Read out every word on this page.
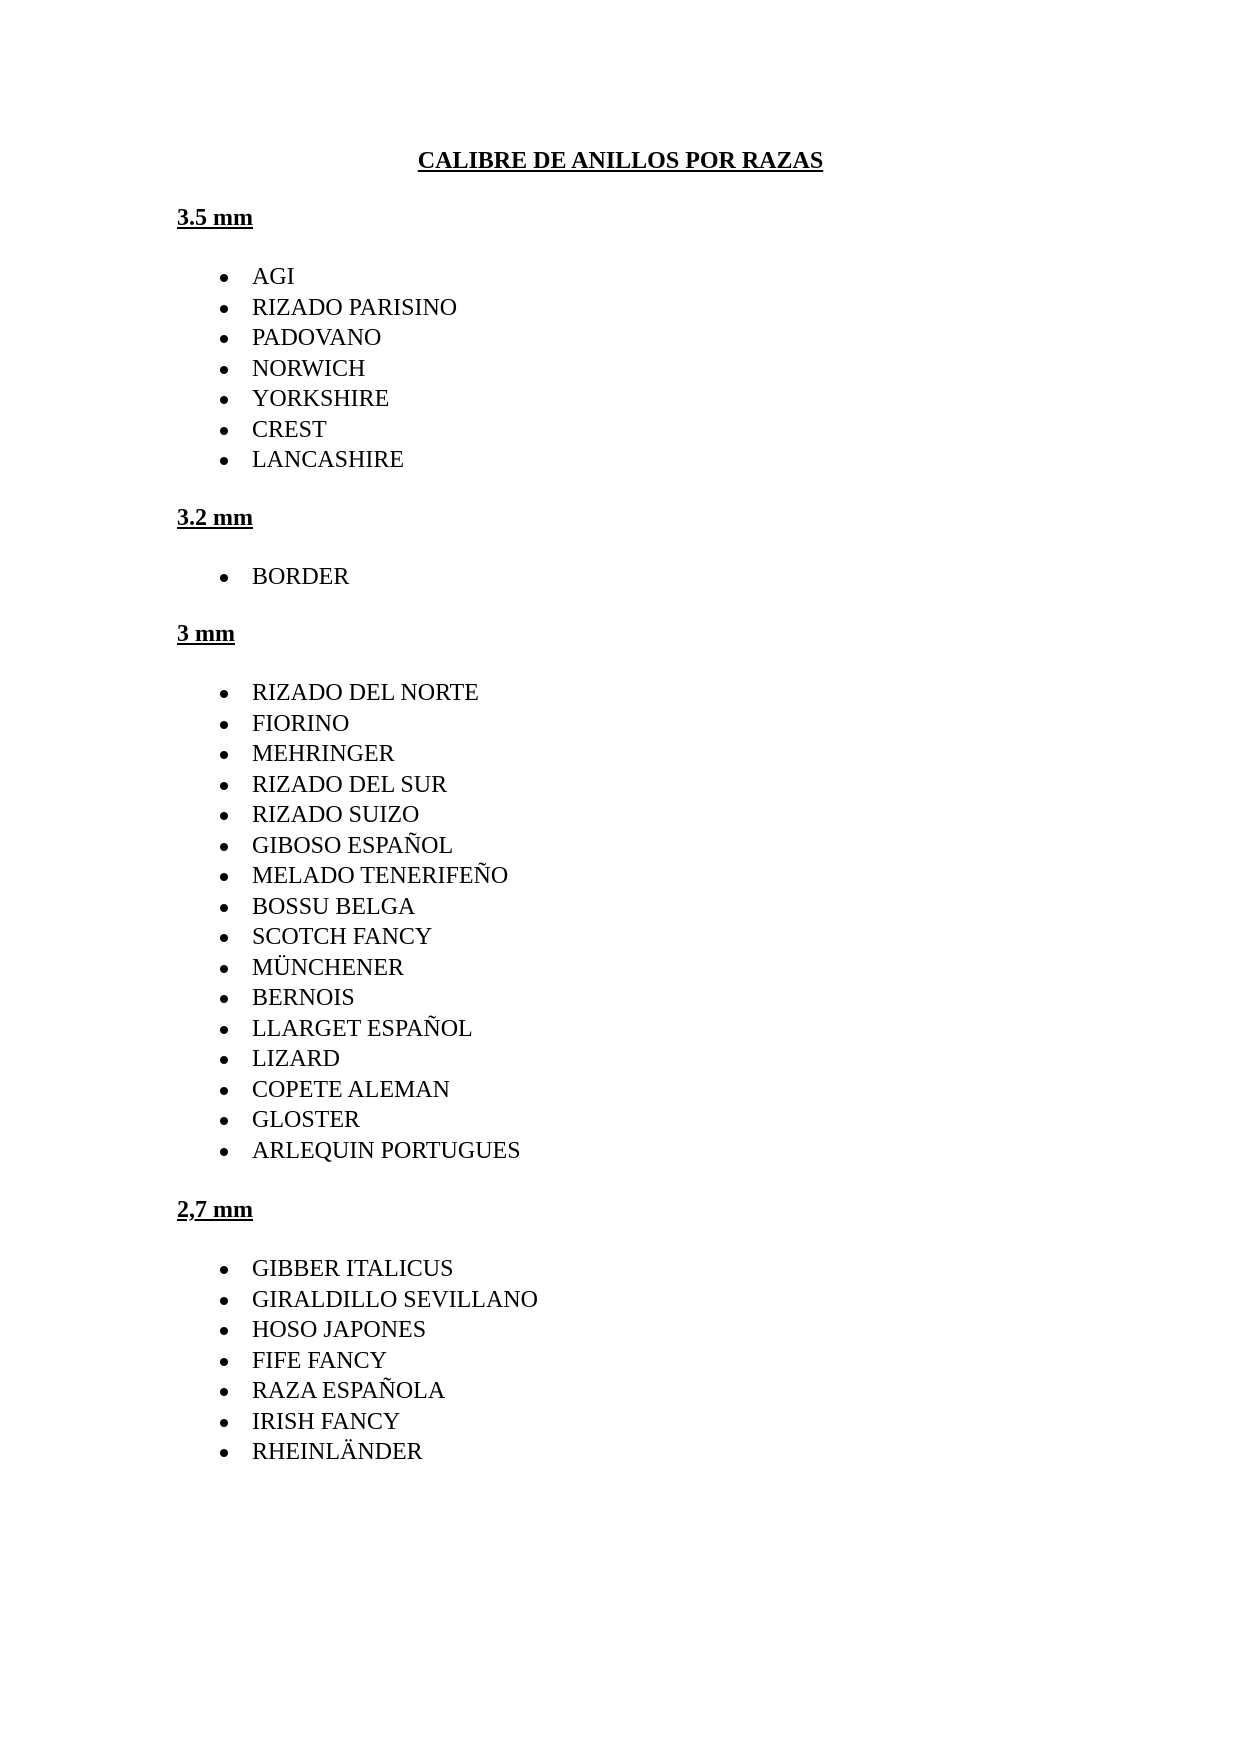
CALIBRE DE ANILLOS POR RAZAS
3.5 mm
AGI
RIZADO PARISINO
PADOVANO
NORWICH
YORKSHIRE
CREST
LANCASHIRE
3.2 mm
BORDER
3 mm
RIZADO DEL NORTE
FIORINO
MEHRINGER
RIZADO DEL SUR
RIZADO SUIZO
GIBOSO ESPAÑOL
MELADO TENERIFEÑO
BOSSU BELGA
SCOTCH FANCY
MÜNCHENER
BERNOIS
LLARGET ESPAÑOL
LIZARD
COPETE ALEMAN
GLOSTER
ARLEQUIN PORTUGUES
2,7 mm
GIBBER ITALICUS
GIRALDILLO SEVILLANO
HOSO JAPONES
FIFE FANCY
RAZA ESPAÑOLA
IRISH FANCY
RHEINLÄNDER
